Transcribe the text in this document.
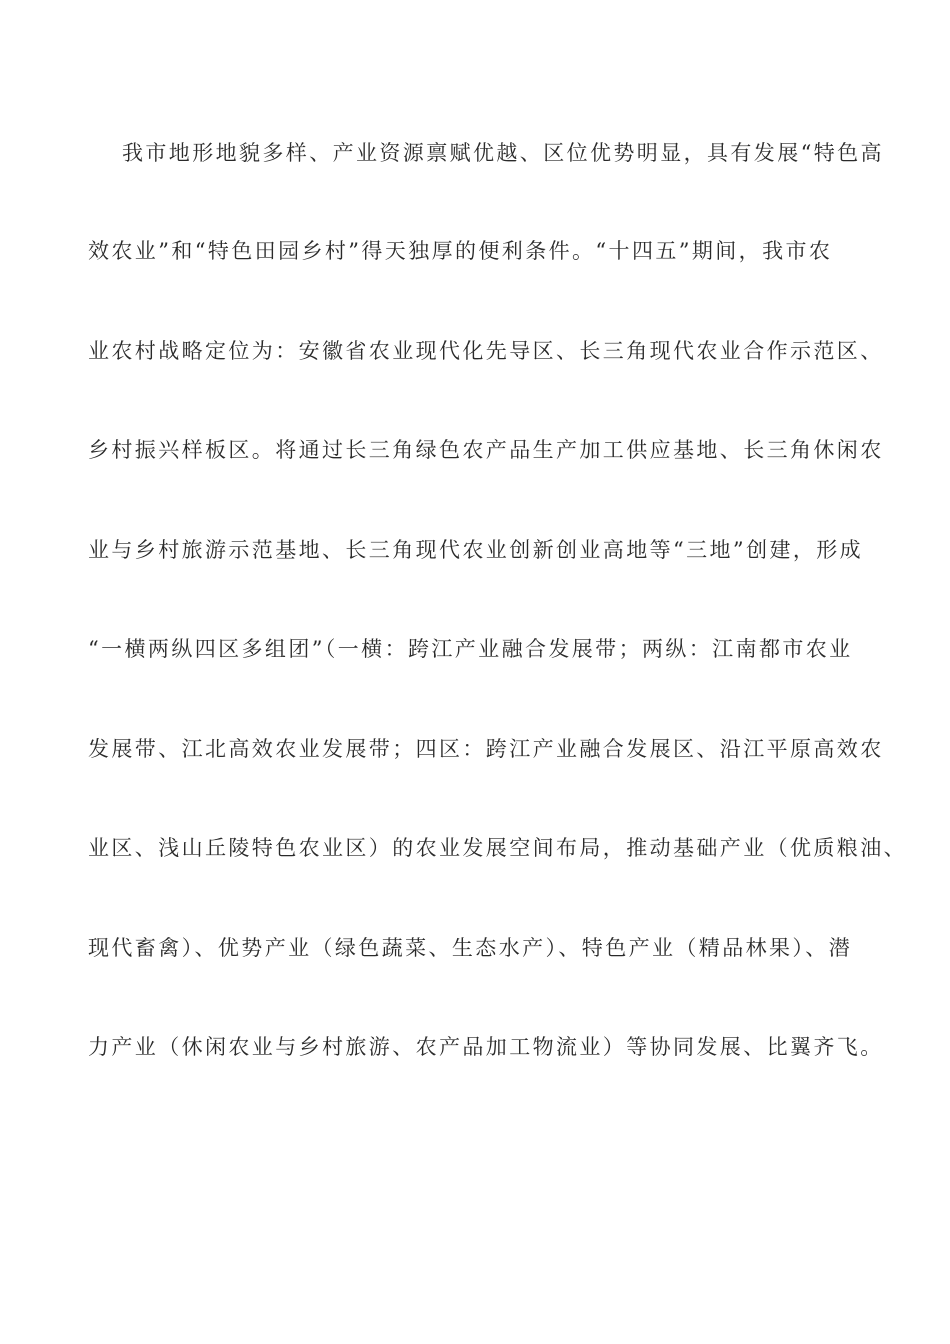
我市地形地貌多样、产业资源禀赋优越、区位优势明显，具有发展“特色高
效农业”和“特色田园乡村”得天独厚的便利条件。“十四五”期间，我市农
业农村战略定位为：安徽省农业现代化先导区、长三角现代农业合作示范区、
乡村振兴样板区。将通过长三角绿色农产品生产加工供应基地、长三角休闲农
业与乡村旅游示范基地、长三角现代农业创新创业高地等“三地”创建，形成
“一横两纵四区多组团”（一横：跨江产业融合发展带；两纵：江南都市农业
发展带、江北高效农业发展带；四区：跨江产业融合发展区、沿江平原高效农
业区、浅山丘陵特色农业区）的农业发展空间布局，推动基础产业（优质粮油、
现代畜禽）、优势产业（绿色蔬菜、生态水产）、特色产业（精品林果）、潜
力产业（休闲农业与乡村旅游、农产品加工物流业）等协同发展、比翼齐飞。
